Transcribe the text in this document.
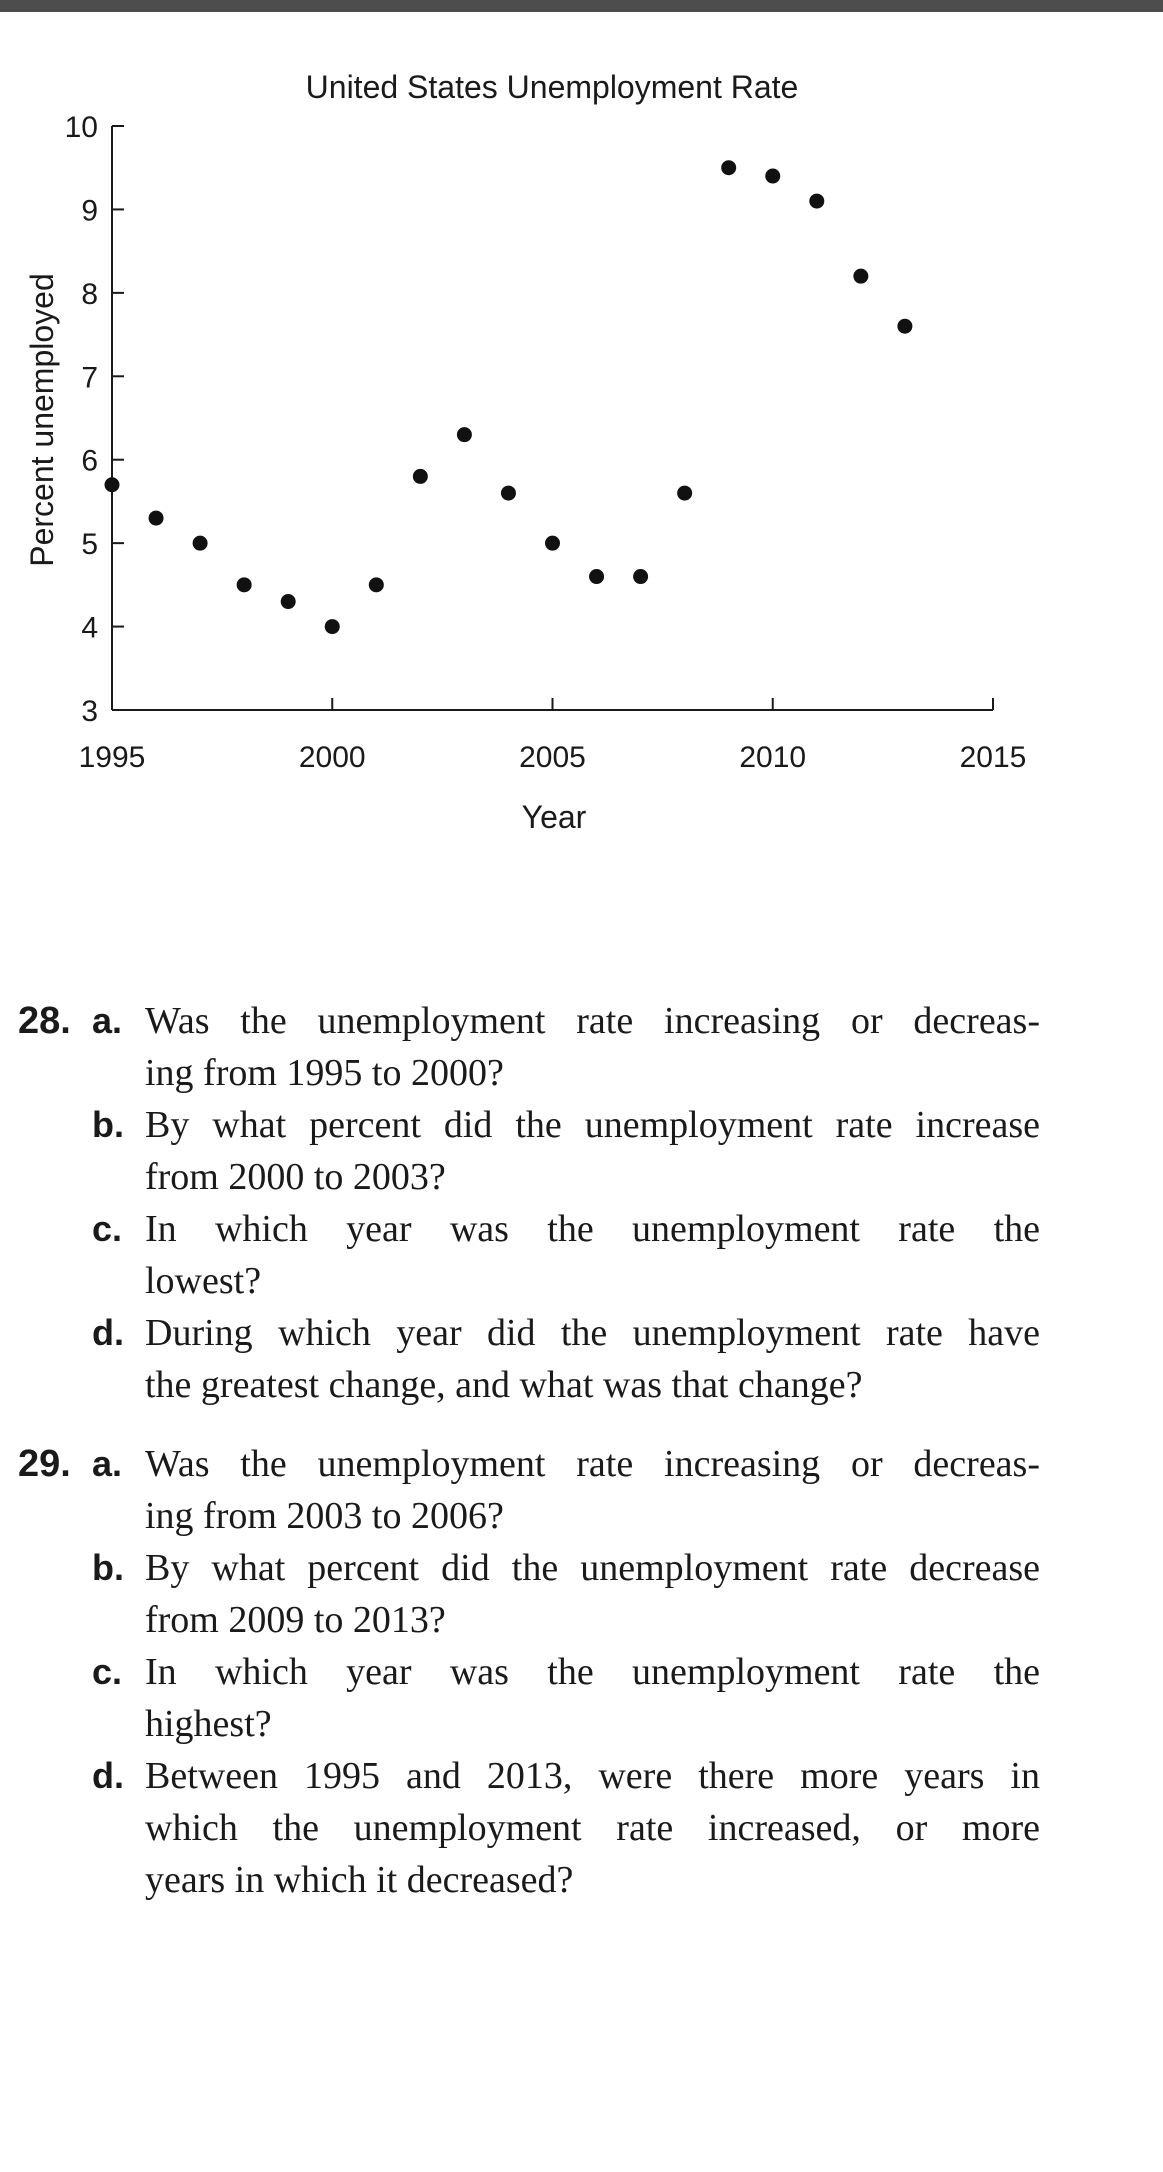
United States Unemployment Rate
Percent unemployed
Year
3
4
5
6
7
8
9
10
1995	2000	2005	2010	2015
28. a. Was the unemployment rate increasing or decreas-
ing from 1995 to 2000?
b. By what percent did the unemployment rate increase
from 2000 to 2003?
c. In which year was the unemployment rate the
lowest?
d. During which year did the unemployment rate have
the greatest change, and what was that change?
29. a. Was the unemployment rate increasing or decreas-
ing from 2003 to 2006?
b. By what percent did the unemployment rate decrease
from 2009 to 2013?
c. In which year was the unemployment rate the
highest?
d. Between 1995 and 2013, were there more years in
which the unemployment rate increased, or more
years in which it decreased?
